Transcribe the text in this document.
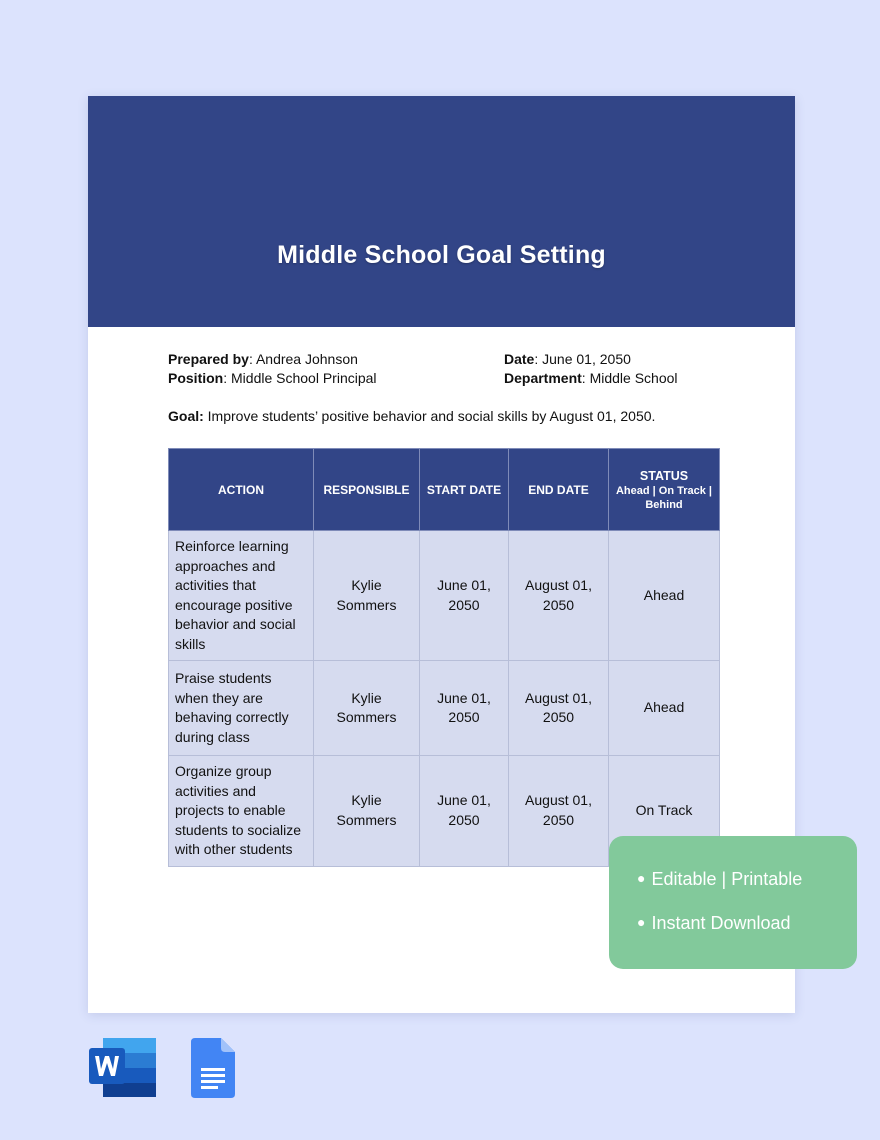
Middle School Goal Setting
Prepared by: Andrea Johnson
Position: Middle School Principal
Date: June 01, 2050
Department: Middle School
Goal: Improve students’ positive behavior and social skills by August 01, 2050.
ACTION	RESPONSIBLE	START DATE	END DATE	STATUS
Ahead | On Track | Behind

Reinforce learning approaches and activities that encourage positive behavior and social skills	Kylie Sommers	June 01, 2050	August 01, 2050	Ahead
Praise students when they are behaving correctly during class	Kylie Sommers	June 01, 2050	August 01, 2050	Ahead
Organize group activities and projects to enable students to socialize with other students	Kylie Sommers	June 01, 2050	August 01, 2050	On Track
● Editable | Printable
● Instant Download
